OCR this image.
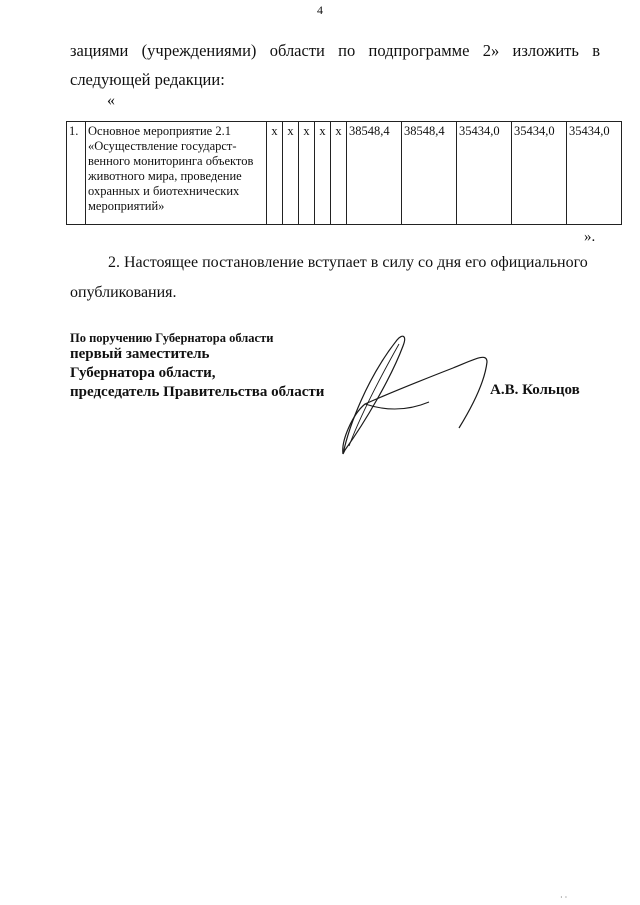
4
зациями (учреждениями) области по подпрограмме 2» изложить в следующей редакции:
«
1.	Основное мероприятие 2.1 «Осуществление государст-венного мониторинга объектов животного мира, проведение охранных и биотехнических мероприятий»	х	х	х	х	х	38548,4	38548,4	35434,0	35434,0	35434,0
».
2. Настоящее постановление вступает в силу со дня его официального опубликования.
По поручению Губернатора области
первый заместитель
Губернатора области,
председатель Правительства области	А.В. Кольцов
· ·
